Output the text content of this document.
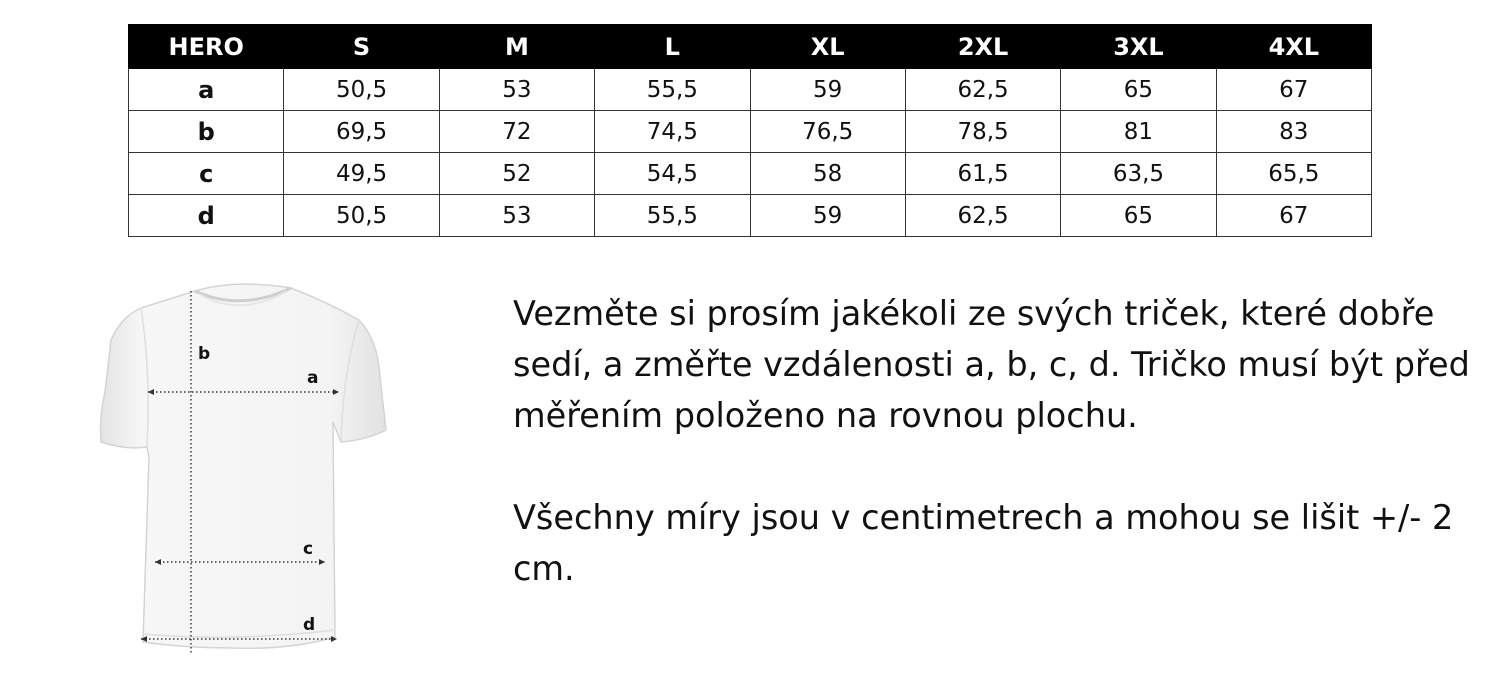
HERO	S	M	L	XL	2XL	3XL	4XL
a	50,5	53	55,5	59	62,5	65	67
b	69,5	72	74,5	76,5	78,5	81	83
c	49,5	52	54,5	58	61,5	63,5	65,5
d	50,5	53	55,5	59	62,5	65	67
b
a
c
d

Vezměte si prosím jakékoli ze svých triček, které dobře sedí, a změřte vzdálenosti a, b, c, d. Tričko musí být před měřením položeno na rovnou plochu.

Všechny míry jsou v centimetrech a mohou se lišit +/- 2 cm.
